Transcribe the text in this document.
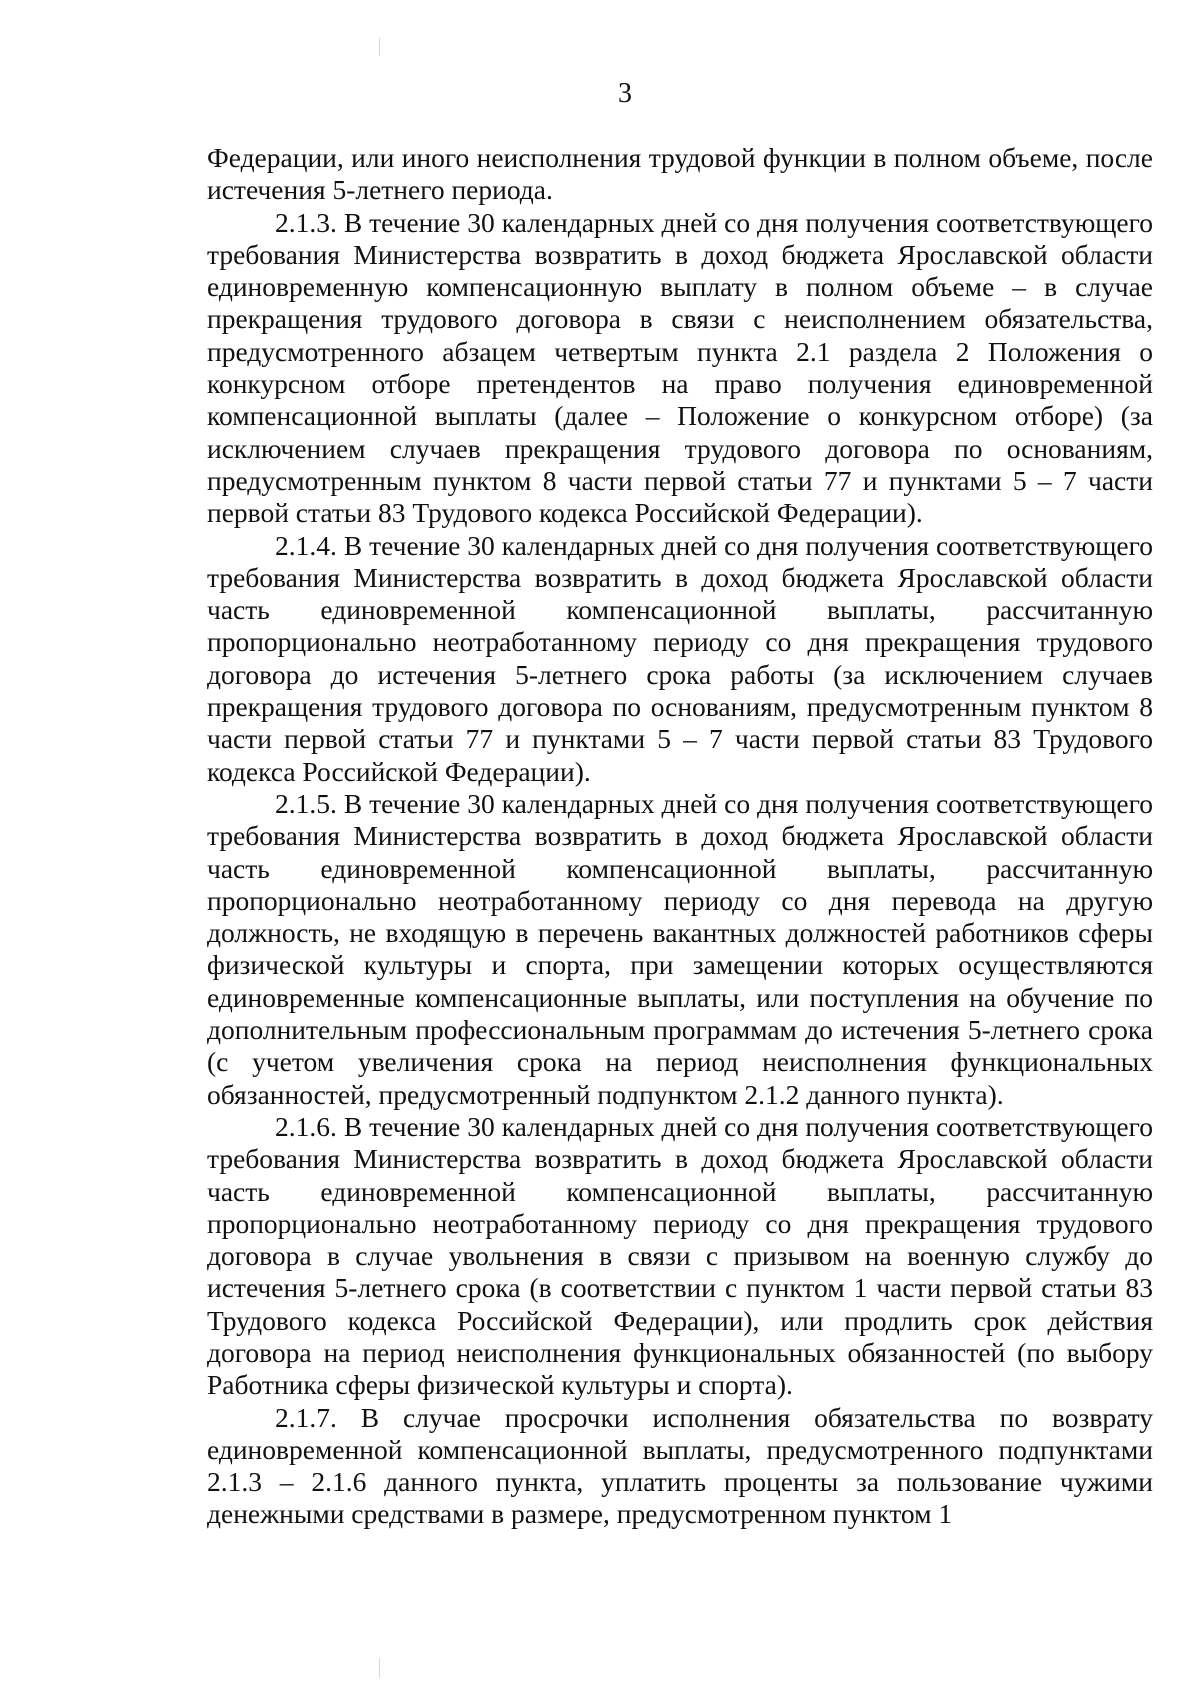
3

Федерации, или иного неисполнения трудовой функции в полном объеме, после истечения 5-летнего периода.

2.1.3. В течение 30 календарных дней со дня получения соответствующего требования Министерства возвратить в доход бюджета Ярославской области единовременную компенсационную выплату в полном объеме – в случае прекращения трудового договора в связи с неисполнением обязательства, предусмотренного абзацем четвертым пункта 2.1 раздела 2 Положения о конкурсном отборе претендентов на право получения единовременной компенсационной выплаты (далее – Положение о конкурсном отборе) (за исключением случаев прекращения трудового договора по основаниям, предусмотренным пунктом 8 части первой статьи 77 и пунктами 5 – 7 части первой статьи 83 Трудового кодекса Российской Федерации).

2.1.4. В течение 30 календарных дней со дня получения соответствующего требования Министерства возвратить в доход бюджета Ярославской области часть единовременной компенсационной выплаты, рассчитанную пропорционально неотработанному периоду со дня прекращения трудового договора до истечения 5-летнего срока работы (за исключением случаев прекращения трудового договора по основаниям, предусмотренным пунктом 8 части первой статьи 77 и пунктами 5 – 7 части первой статьи 83 Трудового кодекса Российской Федерации).

2.1.5. В течение 30 календарных дней со дня получения соответствующего требования Министерства возвратить в доход бюджета Ярославской области часть единовременной компенсационной выплаты, рассчитанную пропорционально неотработанному периоду со дня перевода на другую должность, не входящую в перечень вакантных должностей работников сферы физической культуры и спорта, при замещении которых осуществляются единовременные компенсационные выплаты, или поступления на обучение по дополнительным профессиональным программам до истечения 5-летнего срока (с учетом увеличения срока на период неисполнения функциональных обязанностей, предусмотренный подпунктом 2.1.2 данного пункта).

2.1.6. В течение 30 календарных дней со дня получения соответствующего требования Министерства возвратить в доход бюджета Ярославской области часть единовременной компенсационной выплаты, рассчитанную пропорционально неотработанному периоду со дня прекращения трудового договора в случае увольнения в связи с призывом на военную службу до истечения 5-летнего срока (в соответствии с пунктом 1 части первой статьи 83 Трудового кодекса Российской Федерации), или продлить срок действия договора на период неисполнения функциональных обязанностей (по выбору Работника сферы физической культуры и спорта).

2.1.7. В случае просрочки исполнения обязательства по возврату единовременной компенсационной выплаты, предусмотренного подпунктами 2.1.3 – 2.1.6 данного пункта, уплатить проценты за пользование чужими денежными средствами в размере, предусмотренном пунктом 1
